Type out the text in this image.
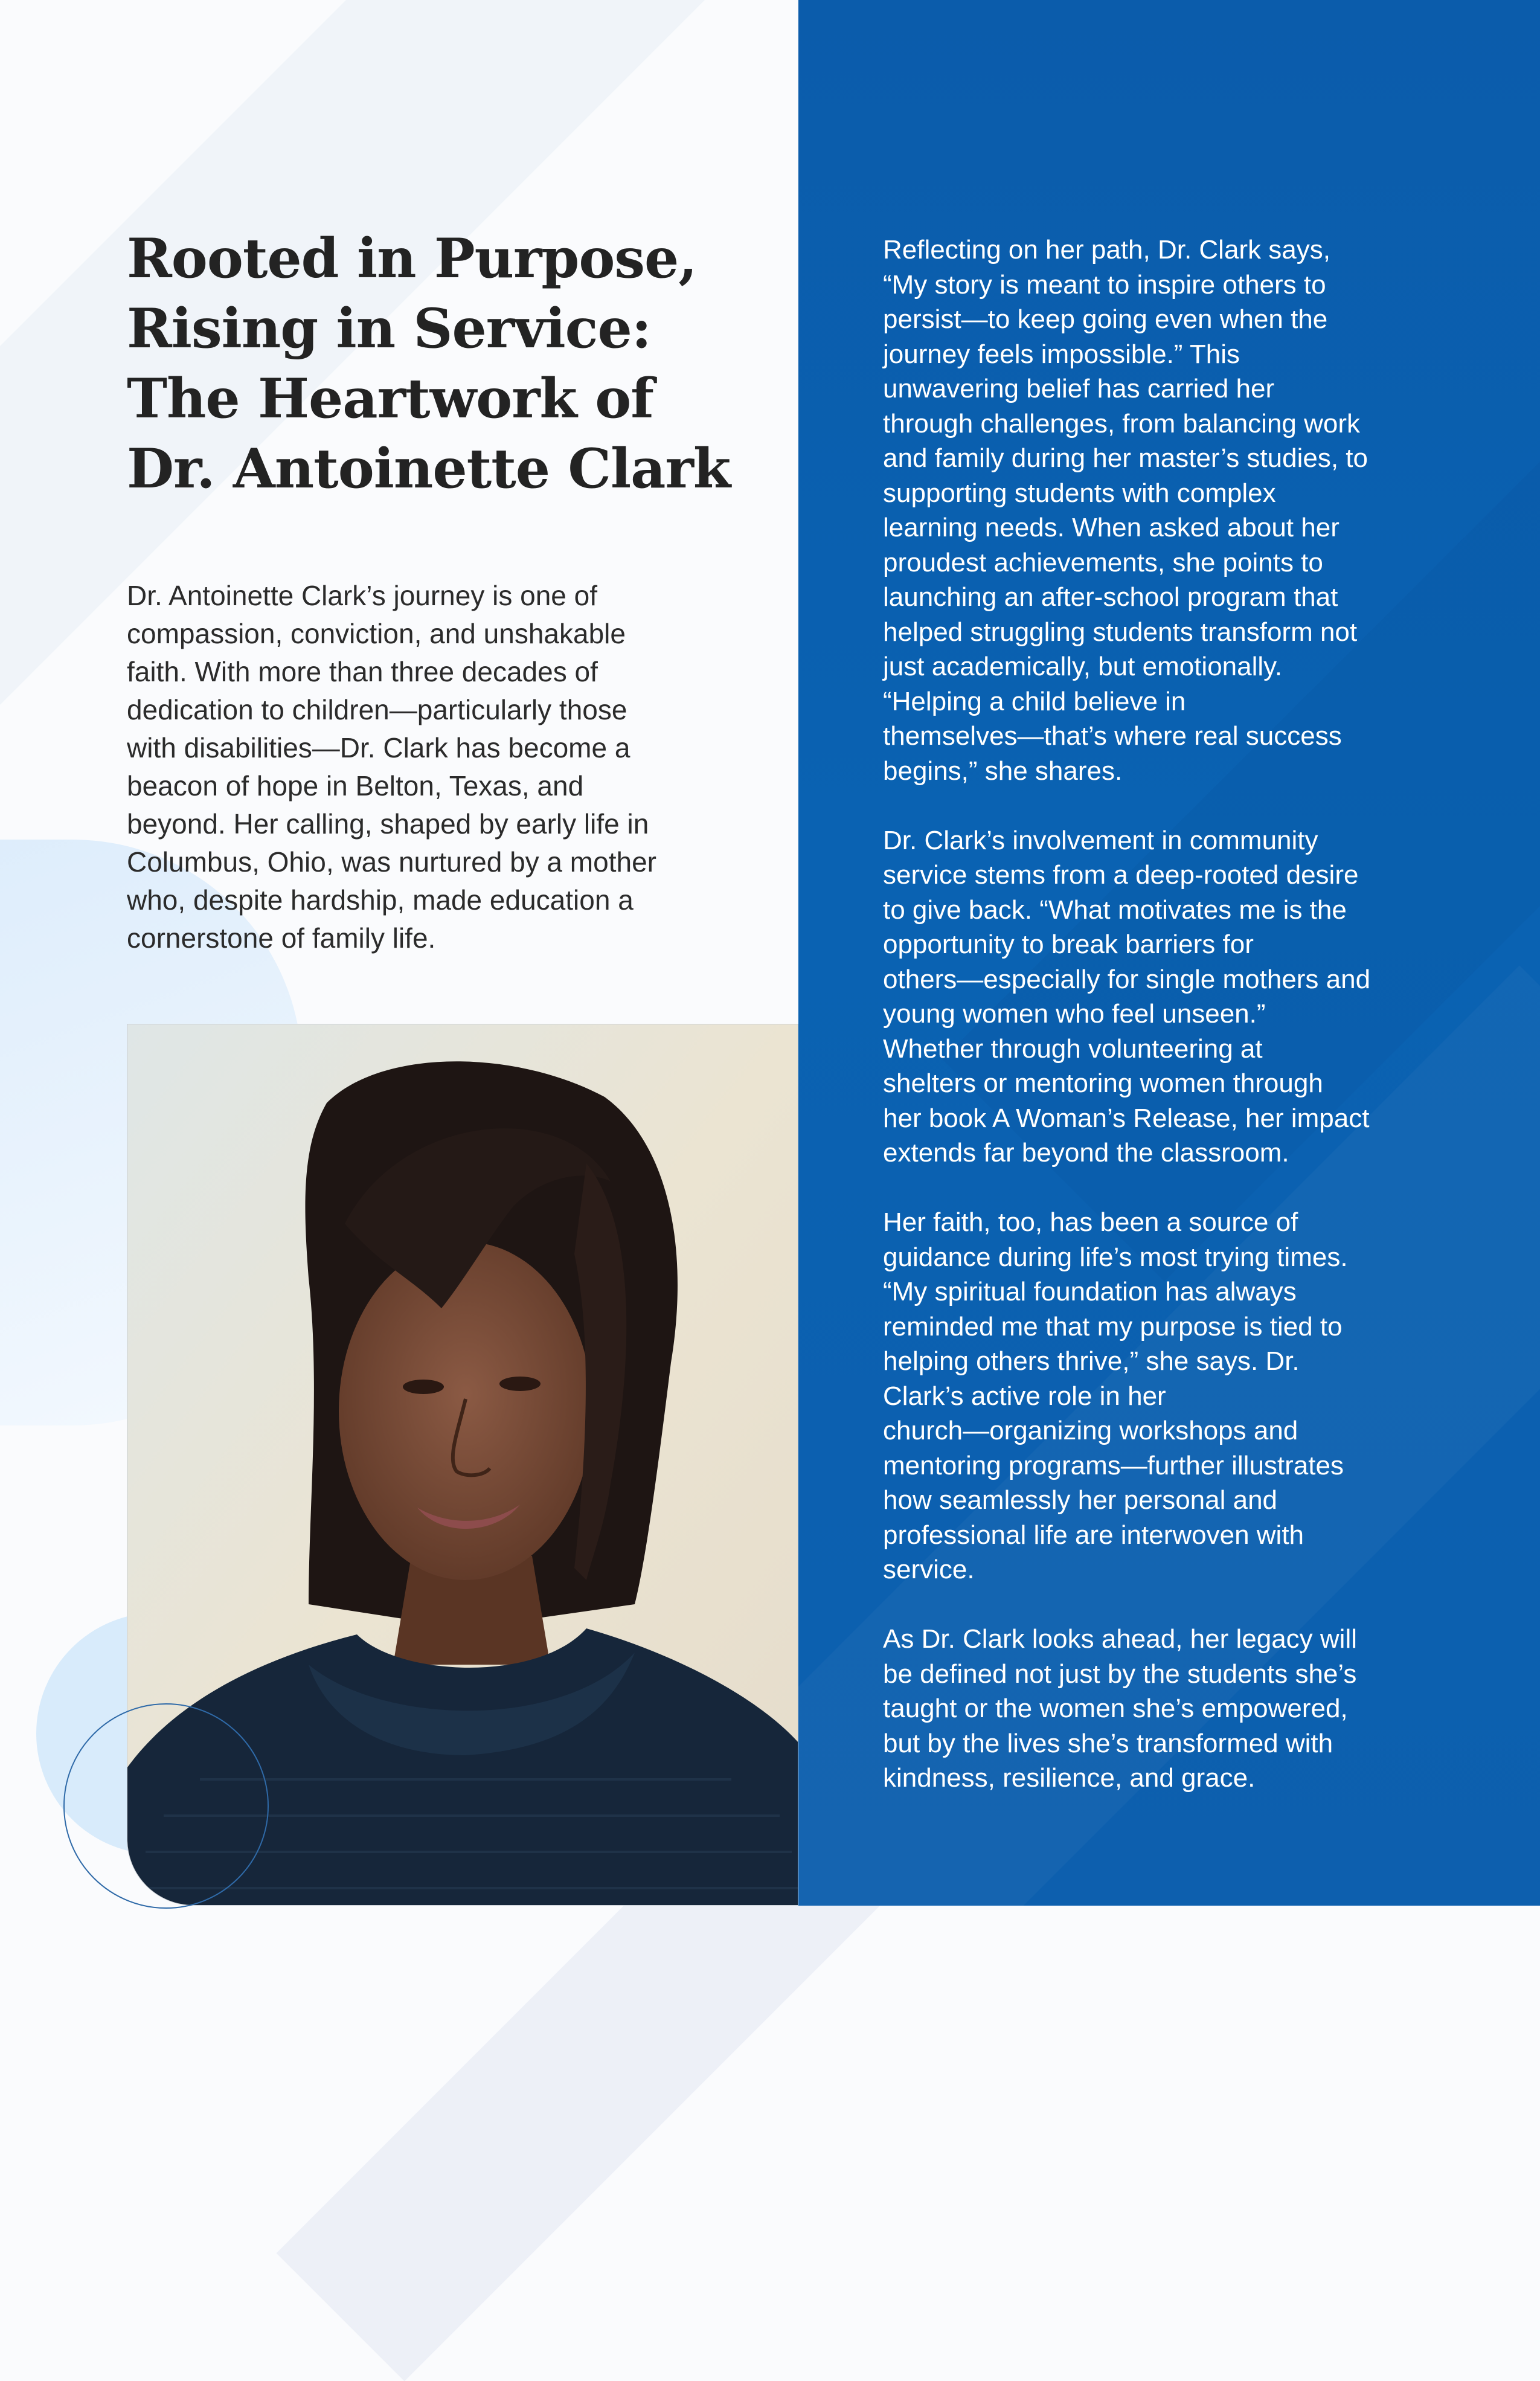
Rooted in Purpose,
Rising in Service:
The Heartwork of
Dr. Antoinette Clark

Dr. Antoinette Clark’s journey is one of
compassion, conviction, and unshakable
faith. With more than three decades of
dedication to children—particularly those
with disabilities—Dr. Clark has become a
beacon of hope in Belton, Texas, and
beyond. Her calling, shaped by early life in
Columbus, Ohio, was nurtured by a mother
who, despite hardship, made education a
cornerstone of family life.

Reflecting on her path, Dr. Clark says,
“My story is meant to inspire others to
persist—to keep going even when the
journey feels impossible.” This
unwavering belief has carried her
through challenges, from balancing work
and family during her master’s studies, to
supporting students with complex
learning needs. When asked about her
proudest achievements, she points to
launching an after-school program that
helped struggling students transform not
just academically, but emotionally.
“Helping a child believe in
themselves—that’s where real success
begins,” she shares.

Dr. Clark’s involvement in community
service stems from a deep-rooted desire
to give back. “What motivates me is the
opportunity to break barriers for
others—especially for single mothers and
young women who feel unseen.”
Whether through volunteering at
shelters or mentoring women through
her book A Woman’s Release, her impact
extends far beyond the classroom.

Her faith, too, has been a source of
guidance during life’s most trying times.
“My spiritual foundation has always
reminded me that my purpose is tied to
helping others thrive,” she says. Dr.
Clark’s active role in her
church—organizing workshops and
mentoring programs—further illustrates
how seamlessly her personal and
professional life are interwoven with
service.

As Dr. Clark looks ahead, her legacy will
be defined not just by the students she’s
taught or the women she’s empowered,
but by the lives she’s transformed with
kindness, resilience, and grace.
